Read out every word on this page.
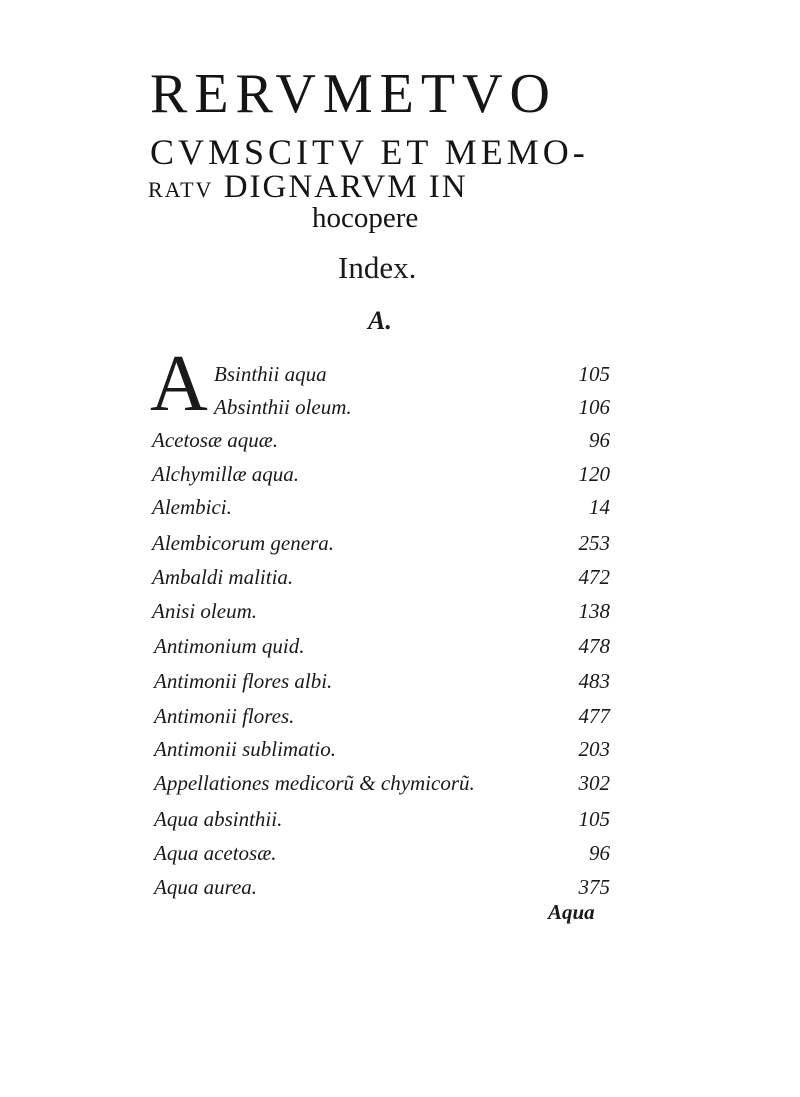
RERVMETVO
CVMSCITV ET MEMO-
RATV DIGNARVM IN
hocopere
Index.
A.
A Bsinthii aqua	105
Absinthii oleum.	106
Acetosæ aquæ.	96
Alchymillæ aqua.	120
Alembici.	14
Alembicorum genera.	253
Ambaldi malitia.	472
Anisi oleum.	138
Antimonium quid.	478
Antimonii flores albi.	483
Antimonii flores.	477
Antimonii sublimatio.	203
Appellationes medicorũ & chymicorũ.	302
Aqua absinthii.	105
Aqua acetosæ.	96
Aqua aurea.	375
Aqua
